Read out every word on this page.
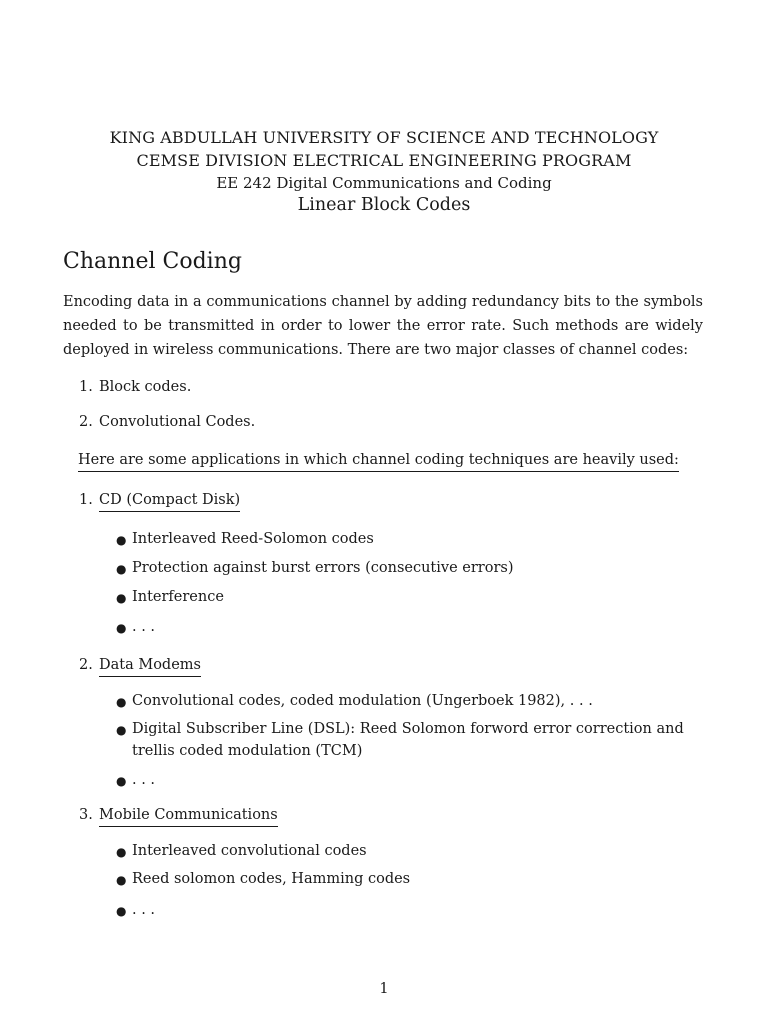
KING ABDULLAH UNIVERSITY OF SCIENCE AND TECHNOLOGY
CEMSE DIVISION ELECTRICAL ENGINEERING PROGRAM
EE 242 Digital Communications and Coding
Linear Block Codes
Channel Coding
Encoding data in a communications channel by adding redundancy bits to the symbols needed to be transmitted in order to lower the error rate. Such methods are widely deployed in wireless communications. There are two major classes of channel codes:
1. Block codes.
2. Convolutional Codes.
Here are some applications in which channel coding techniques are heavily used:
1. CD (Compact Disk)
● Interleaved Reed-Solomon codes
● Protection against burst errors (consecutive errors)
● Interference
● . . .
2. Data Modems
● Convolutional codes, coded modulation (Ungerboek 1982), . . .
● Digital Subscriber Line (DSL): Reed Solomon forword error correction and trellis coded modulation (TCM)
● . . .
3. Mobile Communications
● Interleaved convolutional codes
● Reed solomon codes, Hamming codes
● . . .
1
